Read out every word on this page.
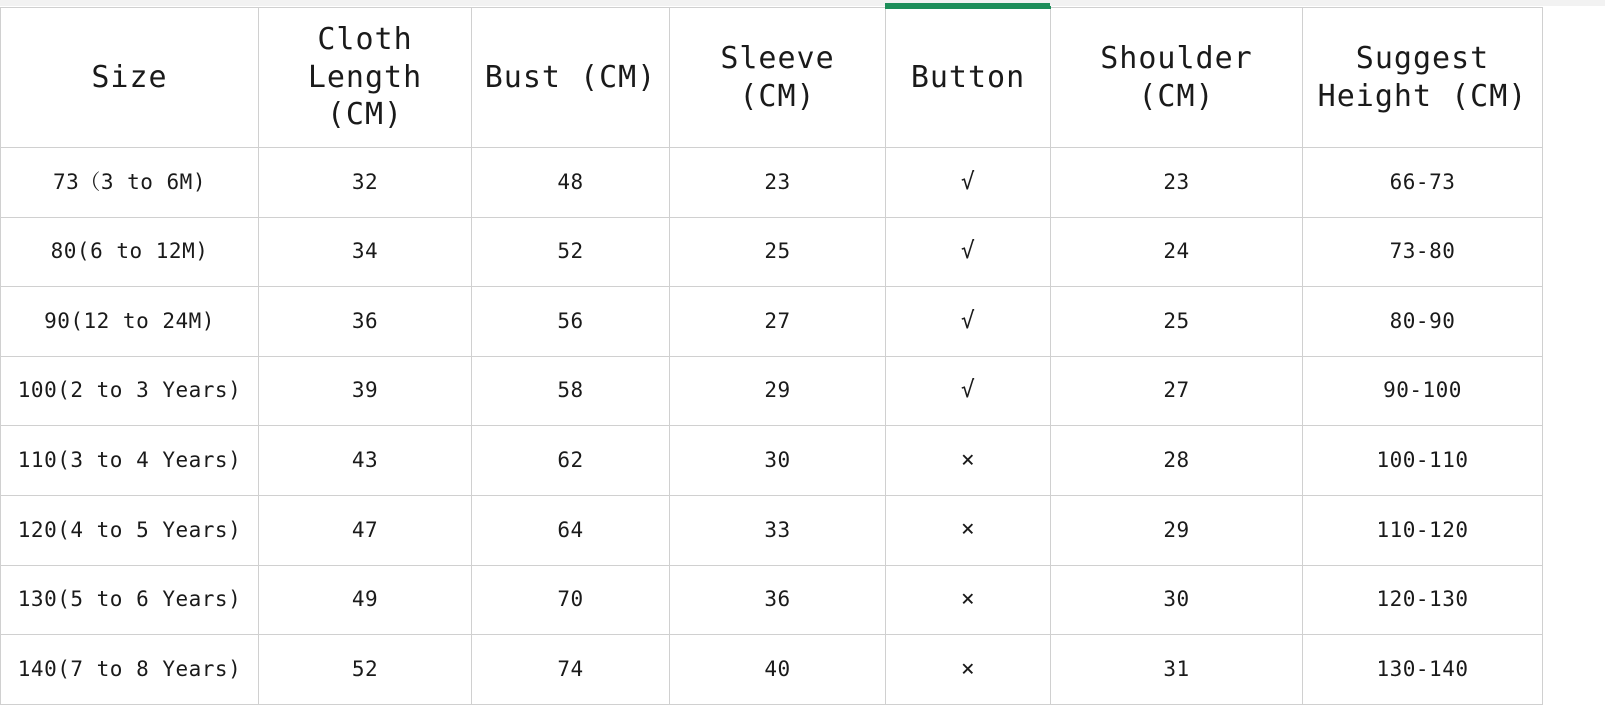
Size	Cloth Length (CM)	Bust (CM)	Sleeve (CM)	Button	Shoulder (CM)	Suggest Height (CM)
73（3 to 6M)	32	48	23	√	23	66-73
80(6 to 12M)	34	52	25	√	24	73-80
90(12 to 24M)	36	56	27	√	25	80-90
100(2 to 3 Years)	39	58	29	√	27	90-100
110(3 to 4 Years)	43	62	30	×	28	100-110
120(4 to 5 Years)	47	64	33	×	29	110-120
130(5 to 6 Years)	49	70	36	×	30	120-130
140(7 to 8 Years)	52	74	40	×	31	130-140
